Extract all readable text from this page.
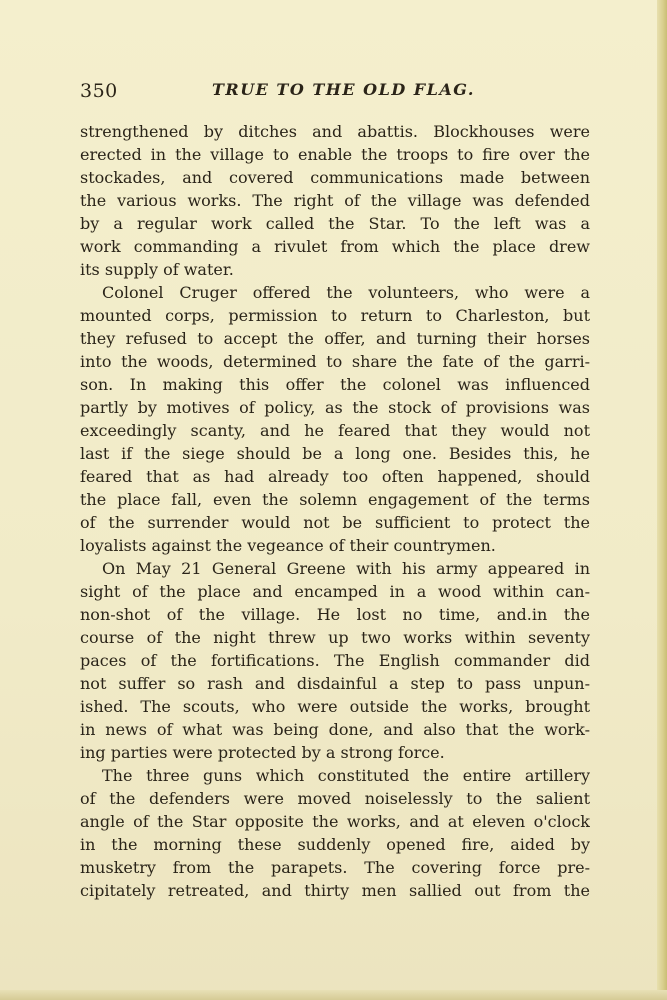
350	TRUE TO THE OLD FLAG.
strengthened by ditches and abattis. Blockhouses were
erected in the village to enable the troops to fire over the
stockades, and covered communications made between
the various works. The right of the village was defended
by a regular work called the Star. To the left was a
work commanding a rivulet from which the place drew
its supply of water.
Colonel Cruger offered the volunteers, who were a
mounted corps, permission to return to Charleston, but
they refused to accept the offer, and turning their horses
into the woods, determined to share the fate of the garri-
son. In making this offer the colonel was influenced
partly by motives of policy, as the stock of provisions was
exceedingly scanty, and he feared that they would not
last if the siege should be a long one. Besides this, he
feared that as had already too often happened, should
the place fall, even the solemn engagement of the terms
of the surrender would not be sufficient to protect the
loyalists against the vegeance of their countrymen.
On May 21 General Greene with his army appeared in
sight of the place and encamped in a wood within can-
non-shot of the village. He lost no time, and.in the
course of the night threw up two works within seventy
paces of the fortifications. The English commander did
not suffer so rash and disdainful a step to pass unpun-
ished. The scouts, who were outside the works, brought
in news of what was being done, and also that the work-
ing parties were protected by a strong force.
The three guns which constituted the entire artillery
of the defenders were moved noiselessly to the salient
angle of the Star opposite the works, and at eleven o'clock
in the morning these suddenly opened fire, aided by
musketry from the parapets. The covering force pre-
cipitately retreated, and thirty men sallied out from the
